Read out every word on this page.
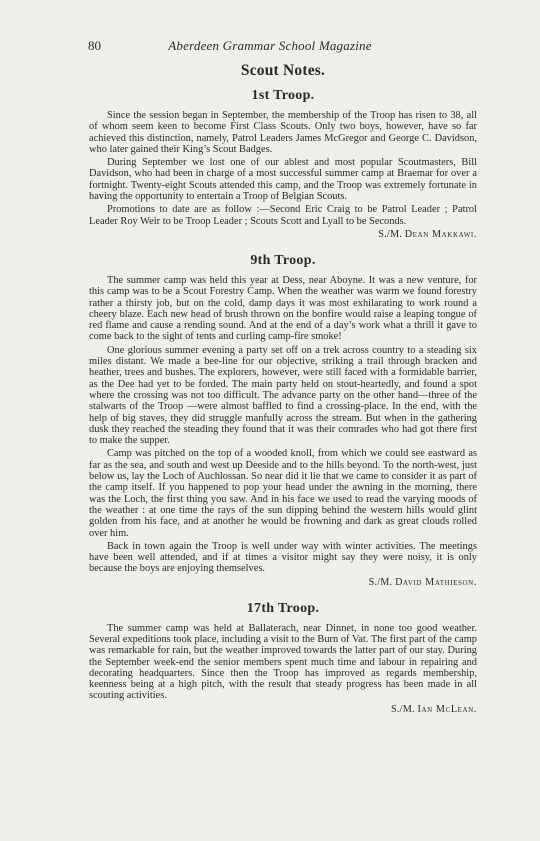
80	Aberdeen Grammar School Magazine
Scout Notes.
1st Troop.

Since the session began in September, the membership of the Troop has risen to 38, all of whom seem keen to become First Class Scouts. Only two boys, however, have so far achieved this distinction, namely, Patrol Leaders James McGregor and George C. Davidson, who later gained their King’s Scout Badges.

During September we lost one of our ablest and most popular Scoutmasters, Bill Davidson, who had been in charge of a most successful summer camp at Braemar for over a fortnight. Twenty-eight Scouts attended this camp, and the Troop was extremely fortunate in having the opportunity to entertain a Troop of Belgian Scouts.

Promotions to date are as follow :—Second Eric Craig to be Patrol Leader ; Patrol Leader Roy Weir to be Troop Leader ; Scouts Scott and Lyall to be Seconds.

S./M. Dean Makkawi.
9th Troop.

The summer camp was held this year at Dess, near Aboyne. It was a new venture, for this camp was to be a Scout Forestry Camp. When the weather was warm we found forestry rather a thirsty job, but on the cold, damp days it was most exhilarating to work round a cheery blaze. Each new head of brush thrown on the bonfire would raise a leaping tongue of red flame and cause a rending sound. And at the end of a day’s work what a thrill it gave to come back to the sight of tents and curling camp-fire smoke!

One glorious summer evening a party set off on a trek across country to a steading six miles distant. We made a bee-line for our objective, striking a trail through bracken and heather, trees and bushes. The explorers, however, were still faced with a formidable barrier, as the Dee had yet to be forded. The main party held on stout-heartedly, and found a spot where the crossing was not too difficult. The advance party on the other hand—three of the stalwarts of the Troop —were almost baffled to find a crossing-place. In the end, with the help of big staves, they did struggle manfully across the stream. But when in the gathering dusk they reached the steading they found that it was their comrades who had got there first to make the supper.

Camp was pitched on the top of a wooded knoll, from which we could see eastward as far as the sea, and south and west up Deeside and to the hills beyond. To the north-west, just below us, lay the Loch of Auchlossan. So near did it lie that we came to consider it as part of the camp itself. If you happened to pop your head under the awning in the morning, there was the Loch, the first thing you saw. And in his face we used to read the varying moods of the weather : at one time the rays of the sun dipping behind the western hills would glint golden from his face, and at another he would be frowning and dark as great clouds rolled over him.

Back in town again the Troop is well under way with winter activities. The meetings have been well attended, and if at times a visitor might say they were noisy, it is only because the boys are enjoying themselves.

S./M. David Mathieson.
17th Troop.

The summer camp was held at Ballaterach, near Dinnet, in none too good weather. Several expeditions took place, including a visit to the Burn of Vat. The first part of the camp was remarkable for rain, but the weather improved towards the latter part of our stay. During the September week-end the senior members spent much time and labour in repairing and decorating headquarters. Since then the Troop has improved as regards membership, keenness being at a high pitch, with the result that steady progress has been made in all scouting activities.

S./M. Ian McLean.
